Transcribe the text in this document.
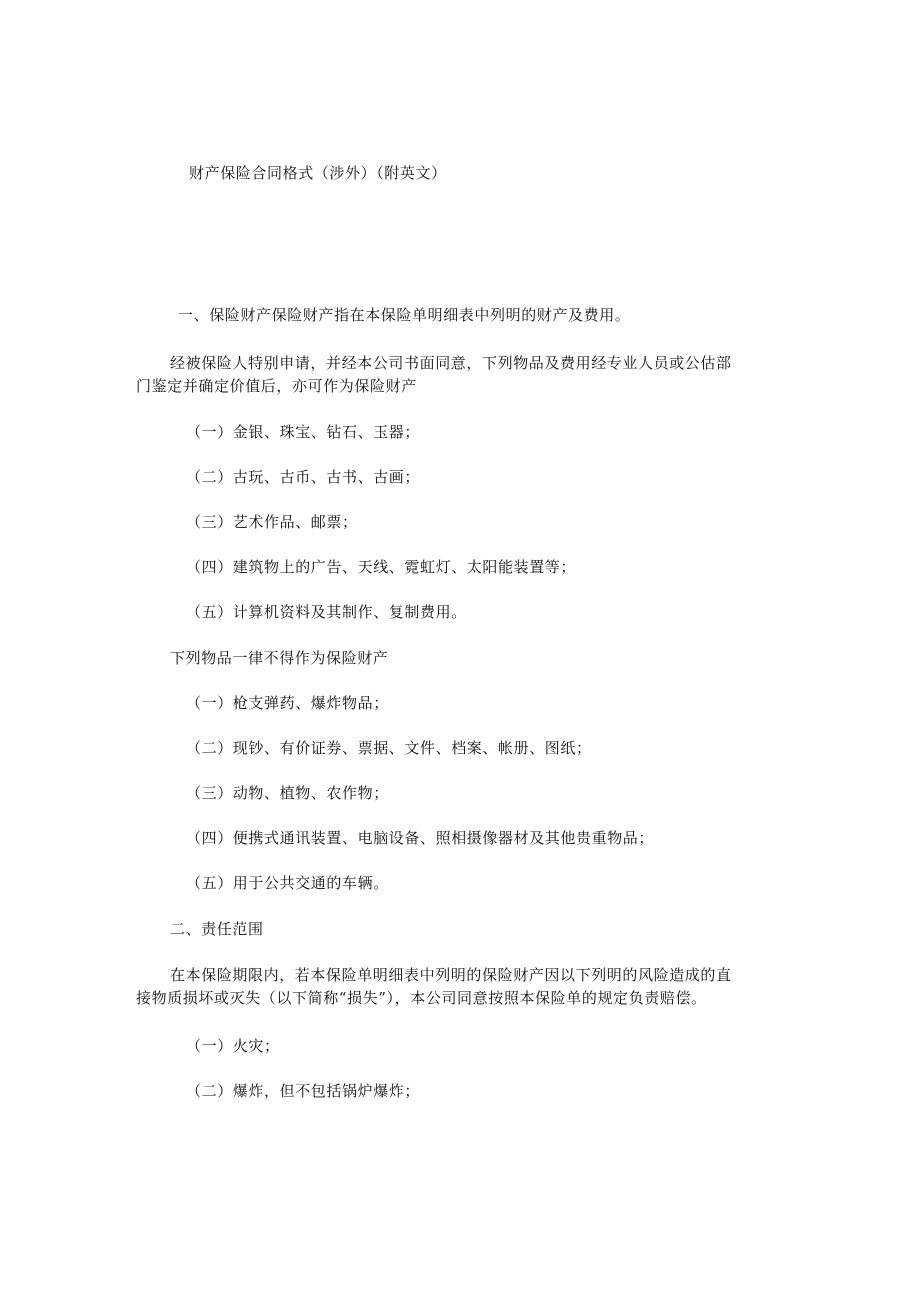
财产保险合同格式（涉外）（附英文）
一、保险财产保险财产指在本保险单明细表中列明的财产及费用。
经被保险人特别申请，并经本公司书面同意，下列物品及费用经专业人员或公估部
门鉴定并确定价值后，亦可作为保险财产
（一）金银、珠宝、钻石、玉器；
（二）古玩、古币、古书、古画；
（三）艺术作品、邮票；
（四）建筑物上的广告、天线、霓虹灯、太阳能装置等；
（五）计算机资料及其制作、复制费用。
下列物品一律不得作为保险财产
（一）枪支弹药、爆炸物品；
（二）现钞、有价证券、票据、文件、档案、帐册、图纸；
（三）动物、植物、农作物；
（四）便携式通讯装置、电脑设备、照相摄像器材及其他贵重物品；
（五）用于公共交通的车辆。
二、责任范围
在本保险期限内，若本保险单明细表中列明的保险财产因以下列明的风险造成的直
接物质损坏或灭失（以下简称“损失”），本公司同意按照本保险单的规定负责赔偿。
（一）火灾；
（二）爆炸，但不包括锅炉爆炸；
